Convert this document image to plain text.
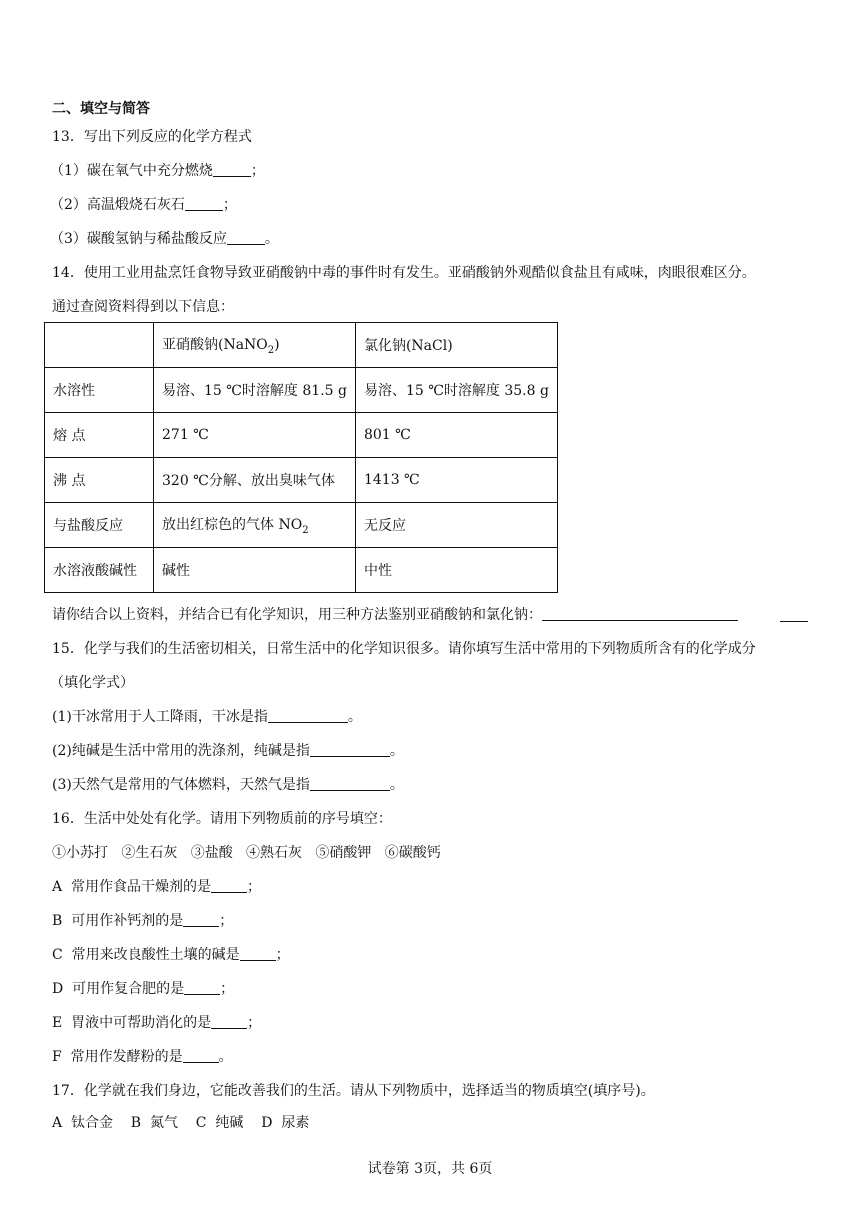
二、填空与简答
13．写出下列反应的化学方程式
（1）碳在氧气中充分燃烧	；
（2）高温煅烧石灰石	；
（3）碳酸氢钠与稀盐酸反应	。
14．使用工业用盐烹饪食物导致亚硝酸钠中毒的事件时有发生。亚硝酸钠外观酷似食盐且有咸味，肉眼很难区分。
通过查阅资料得到以下信息：
	亚硝酸钠(NaNO$_2$)	氯化钠(NaCl)
水溶性	易溶、15 ℃时溶解度 81.5 g	易溶、15 ℃时溶解度 35.8 g
熔 点	271 ℃	801 ℃
沸 点	320 ℃分解、放出臭味气体	1413 ℃
与盐酸反应	放出红棕色的气体 $NO_2$	无反应
水溶液酸碱性	碱性	中性
请你结合以上资料，并结合已有化学知识，用三种方法鉴别亚硝酸钠和氯化钠：
15．化学与我们的生活密切相关，日常生活中的化学知识很多。请你填写生活中常用的下列物质所含有的化学成分
（填化学式）
(1)干冰常用于人工降雨，干冰是指	。
(2)纯碱是生活中常用的洗涤剂，纯碱是指	。
(3)天然气是常用的气体燃料，天然气是指	。
16．生活中处处有化学。请用下列物质前的序号填空：
①小苏打   ②生石灰   ③盐酸   ④熟石灰   ⑤硝酸钾   ⑥碳酸钙
A  常用作食品干燥剂的是	；
B  可用作补钙剂的是	；
C  常用来改良酸性土壤的碱是	；
D  可用作复合肥的是	；
E  胃液中可帮助消化的是	；
F  常用作发酵粉的是	。
17．化学就在我们身边，它能改善我们的生活。请从下列物质中，选择适当的物质填空(填序号)。
A  钛合金    B  氮气    C  纯碱    D  尿素
试卷第 3页，共 6页
